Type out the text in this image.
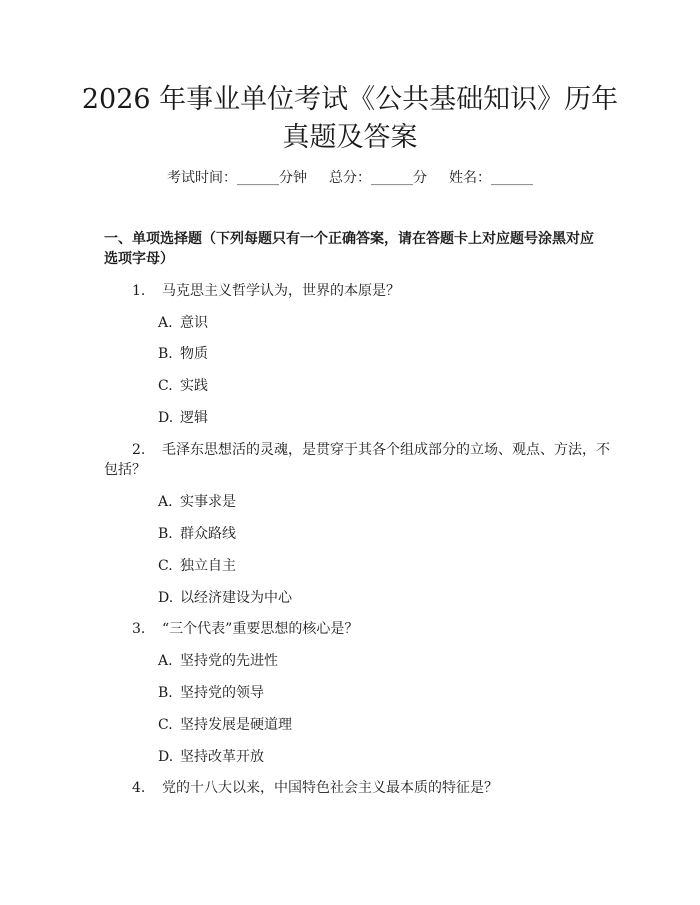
2026 年事业单位考试《公共基础知识》历年
真题及答案
考试时间：______分钟 总分：______分 姓名：______
一、单项选择题（下列每题只有一个正确答案，请在答题卡上对应题号涂黑对应选项字母）
1. 马克思主义哲学认为，世界的本原是？
A. 意识
B. 物质
C. 实践
D. 逻辑
2. 毛泽东思想活的灵魂，是贯穿于其各个组成部分的立场、观点、方法，不
包括？
A. 实事求是
B. 群众路线
C. 独立自主
D. 以经济建设为中心
3. “三个代表”重要思想的核心是？
A. 坚持党的先进性
B. 坚持党的领导
C. 坚持发展是硬道理
D. 坚持改革开放
4. 党的十八大以来，中国特色社会主义最本质的特征是？
